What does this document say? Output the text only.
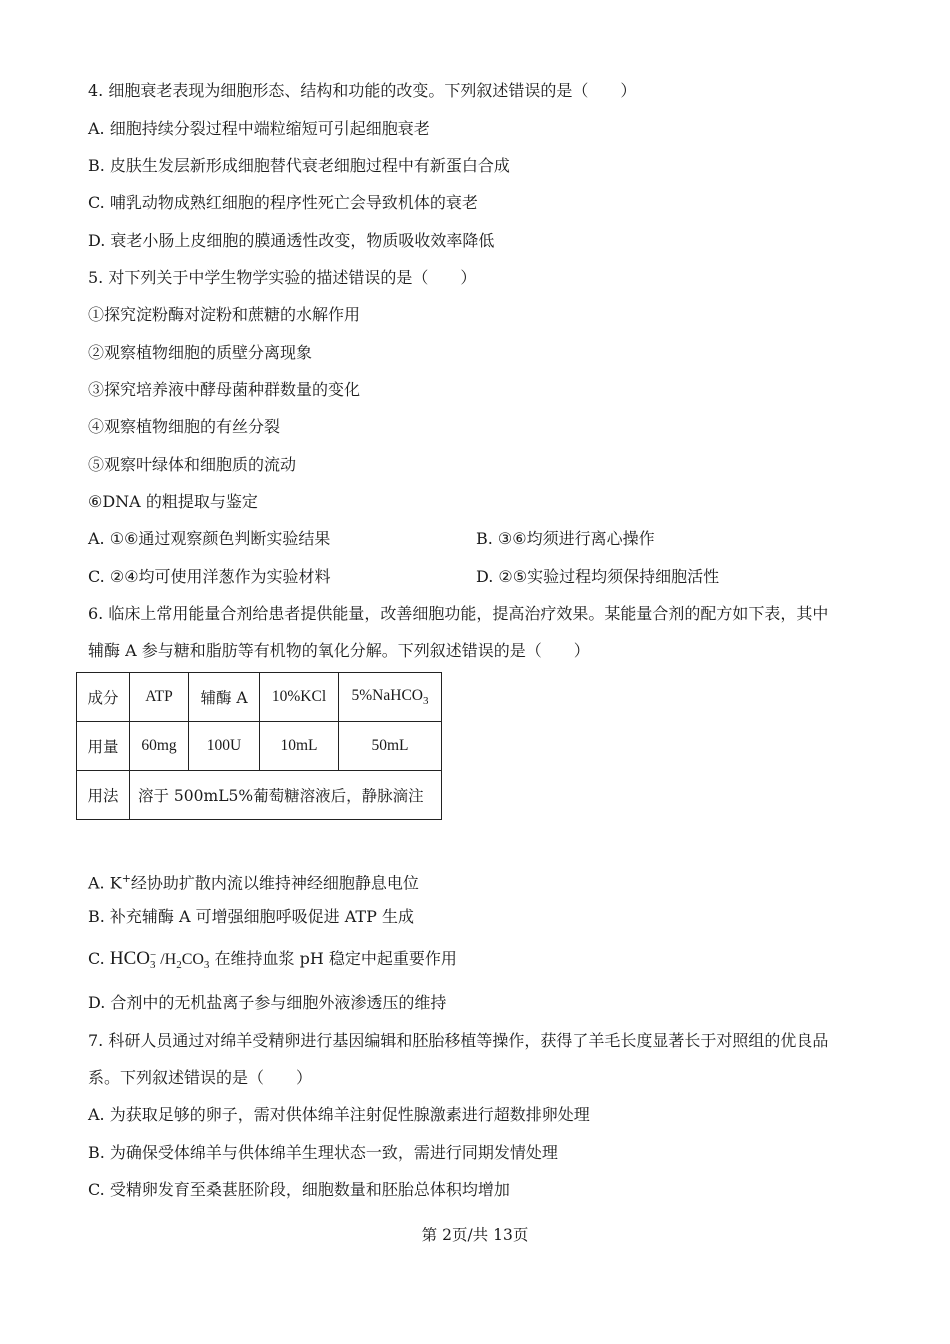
4. 细胞衰老表现为细胞形态、结构和功能的改变。下列叙述错误的是（　　）
A. 细胞持续分裂过程中端粒缩短可引起细胞衰老
B. 皮肤生发层新形成细胞替代衰老细胞过程中有新蛋白合成
C. 哺乳动物成熟红细胞的程序性死亡会导致机体的衰老
D. 衰老小肠上皮细胞的膜通透性改变，物质吸收效率降低
5. 对下列关于中学生物学实验的描述错误的是（　　）
①探究淀粉酶对淀粉和蔗糖的水解作用
②观察植物细胞的质壁分离现象
③探究培养液中酵母菌种群数量的变化
④观察植物细胞的有丝分裂
⑤观察叶绿体和细胞质的流动
⑥DNA 的粗提取与鉴定
A. ①⑥通过观察颜色判断实验结果	B. ③⑥均须进行离心操作
C. ②④均可使用洋葱作为实验材料	D. ②⑤实验过程均须保持细胞活性
6. 临床上常用能量合剂给患者提供能量，改善细胞功能，提高治疗效果。某能量合剂的配方如下表，其中
辅酶 A 参与糖和脂肪等有机物的氧化分解。下列叙述错误的是（　　）
成分	ATP	辅酶 A	10%KCl	5%NaHCO$_3$
用量	60mg	100U	10mL	50mL
用法	溶于 500mL5%葡萄糖溶液后，静脉滴注			
A. K+经协助扩散内流以维持神经细胞静息电位
B. 补充辅酶 A 可增强细胞呼吸促进 ATP 生成
C. HCO −
3 $/H_2CO_3$ 在维持血浆 pH 稳定中起重要作用
D. 合剂中的无机盐离子参与细胞外液渗透压的维持
7. 科研人员通过对绵羊受精卵进行基因编辑和胚胎移植等操作，获得了羊毛长度显著长于对照组的优良品
系。下列叙述错误的是（　　）
A. 为获取足够的卵子，需对供体绵羊注射促性腺激素进行超数排卵处理
B. 为确保受体绵羊与供体绵羊生理状态一致，需进行同期发情处理
C. 受精卵发育至桑葚胚阶段，细胞数量和胚胎总体积均增加
第 2页/共 13页
